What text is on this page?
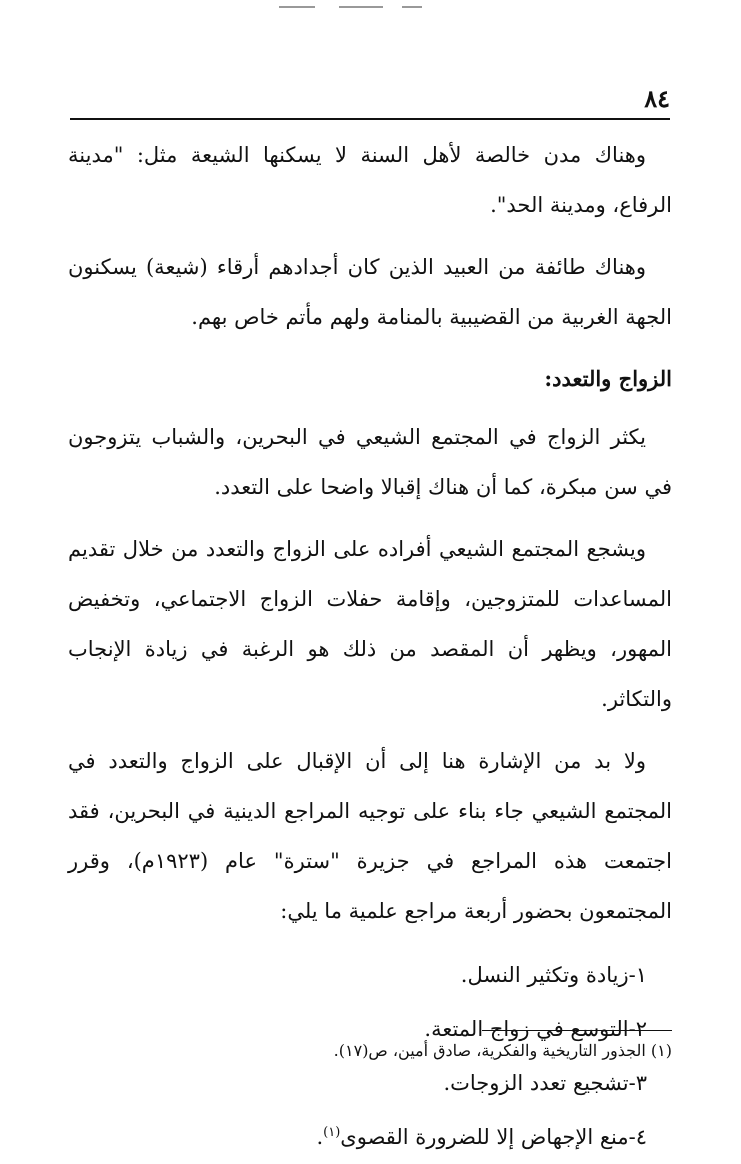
٨٤

وهناك مدن خالصة لأهل السنة لا يسكنها الشيعة مثل: "مدينة الرفاع، ومدينة الحد".

وهناك طائفة من العبيد الذين كان أجدادهم أرقاء (شيعة) يسكنون الجهة الغربية من القضيبية بالمنامة ولهم مأتم خاص بهم.

الزواج والتعدد:

يكثر الزواج في المجتمع الشيعي في البحرين، والشباب يتزوجون في سن مبكرة، كما أن هناك إقبالا واضحا على التعدد.

ويشجع المجتمع الشيعي أفراده على الزواج والتعدد من خلال تقديم المساعدات للمتزوجين، وإقامة حفلات الزواج الاجتماعي، وتخفيض المهور، ويظهر أن المقصد من ذلك هو الرغبة في زيادة الإنجاب والتكاثر.

ولا بد من الإشارة هنا إلى أن الإقبال على الزواج والتعدد في المجتمع الشيعي جاء بناء على توجيه المراجع الدينية في البحرين، فقد اجتمعت هذه المراجع في جزيرة "سترة" عام (١٩٢٣م)، وقرر المجتمعون بحضور أربعة مراجع علمية ما يلي:

١-زيادة وتكثير النسل.
٢-التوسع في زواج المتعة.
٣-تشجيع تعدد الزوجات.
٤-منع الإجهاض إلا للضرورة القصوى$^{(١)}$.
(١) الجذور التاريخية والفكرية، صادق أمين، ص(١٧).
